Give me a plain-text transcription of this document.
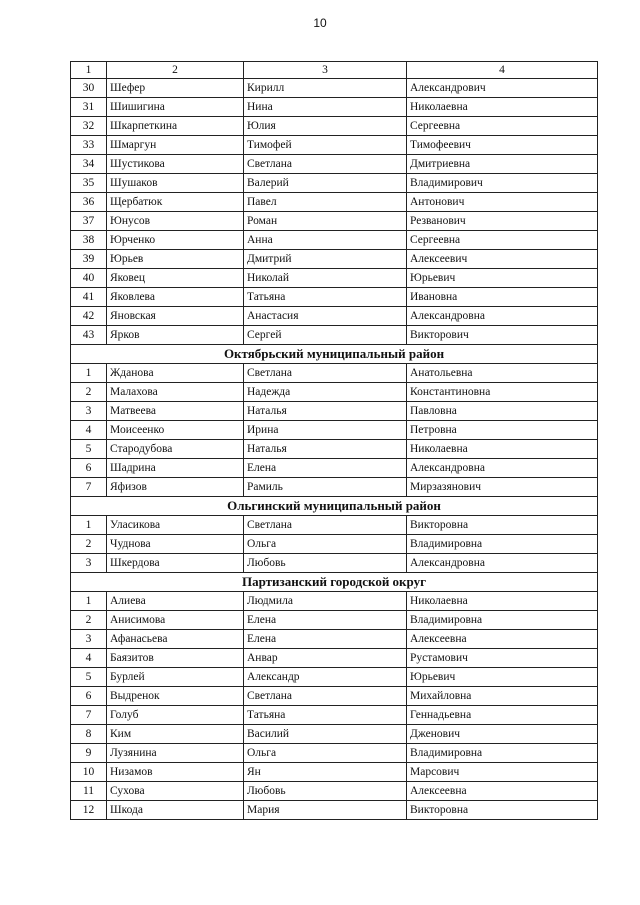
10
1	2	3	4
30	Шефер	Кирилл	Александрович
31	Шишигина	Нина	Николаевна
32	Шкарпеткина	Юлия	Сергеевна
33	Шмаргун	Тимофей	Тимофеевич
34	Шустикова	Светлана	Дмитриевна
35	Шушаков	Валерий	Владимирович
36	Щербатюк	Павел	Антонович
37	Юнусов	Роман	Резванович
38	Юрченко	Анна	Сергеевна
39	Юрьев	Дмитрий	Алексеевич
40	Яковец	Николай	Юрьевич
41	Яковлева	Татьяна	Ивановна
42	Яновская	Анастасия	Александровна
43	Ярков	Сергей	Викторович
Октябрьский муниципальный район			
1	Жданова	Светлана	Анатольевна
2	Малахова	Надежда	Константиновна
3	Матвеева	Наталья	Павловна
4	Моисеенко	Ирина	Петровна
5	Стародубова	Наталья	Николаевна
6	Шадрина	Елена	Александровна
7	Яфизов	Рамиль	Мирзазянович
Ольгинский муниципальный район			
1	Уласикова	Светлана	Викторовна
2	Чуднова	Ольга	Владимировна
3	Шкердова	Любовь	Александровна
Партизанский городской округ			
1	Алиева	Людмила	Николаевна
2	Анисимова	Елена	Владимировна
3	Афанасьева	Елена	Алексеевна
4	Баязитов	Анвар	Рустамович
5	Бурлей	Александр	Юрьевич
6	Выдренок	Светлана	Михайловна
7	Голуб	Татьяна	Геннадьевна
8	Ким	Василий	Дженович
9	Лузянина	Ольга	Владимировна
10	Низамов	Ян	Марсович
11	Сухова	Любовь	Алексеевна
12	Шкода	Мария	Викторовна
